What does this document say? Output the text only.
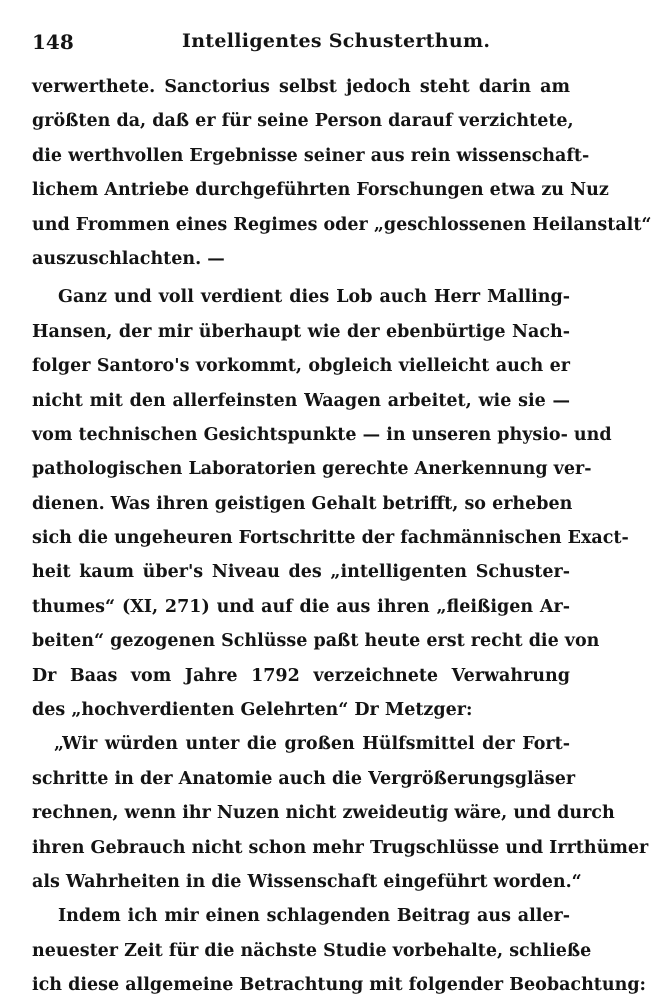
148	Intelligentes Schusterthum.
verwerthete. Sanctorius selbst jedoch steht darin am
größten da, daß er für seine Person darauf verzichtete,
die werthvollen Ergebnisse seiner aus rein wissenschaft-
lichem Antriebe durchgeführten Forschungen etwa zu Nuz
und Frommen eines Regimes oder „geschlossenen Heilanstalt“
auszuschlachten. —
Ganz und voll verdient dies Lob auch Herr Malling-
Hansen, der mir überhaupt wie der ebenbürtige Nach-
folger Santoro's vorkommt, obgleich vielleicht auch er
nicht mit den allerfeinsten Waagen arbeitet, wie sie —
vom technischen Gesichtspunkte — in unseren physio- und
pathologischen Laboratorien gerechte Anerkennung ver-
dienen. Was ihren geistigen Gehalt betrifft, so erheben
sich die ungeheuren Fortschritte der fachmännischen Exact-
heit kaum über's Niveau des „intelligenten Schuster-
thumes“ (XI, 271) und auf die aus ihren „fleißigen Ar-
beiten“ gezogenen Schlüsse paßt heute erst recht die von
Dr Baas vom Jahre 1792 verzeichnete Verwahrung
des „hochverdienten Gelehrten“ Dr Metzger:
„Wir würden unter die großen Hülfsmittel der Fort-
schritte in der Anatomie auch die Vergrößerungsgläser
rechnen, wenn ihr Nuzen nicht zweideutig wäre, und durch
ihren Gebrauch nicht schon mehr Trugschlüsse und Irrthümer
als Wahrheiten in die Wissenschaft eingeführt worden.“
Indem ich mir einen schlagenden Beitrag aus aller-
neuester Zeit für die nächste Studie vorbehalte, schließe
ich diese allgemeine Betrachtung mit folgender Beobachtung:
